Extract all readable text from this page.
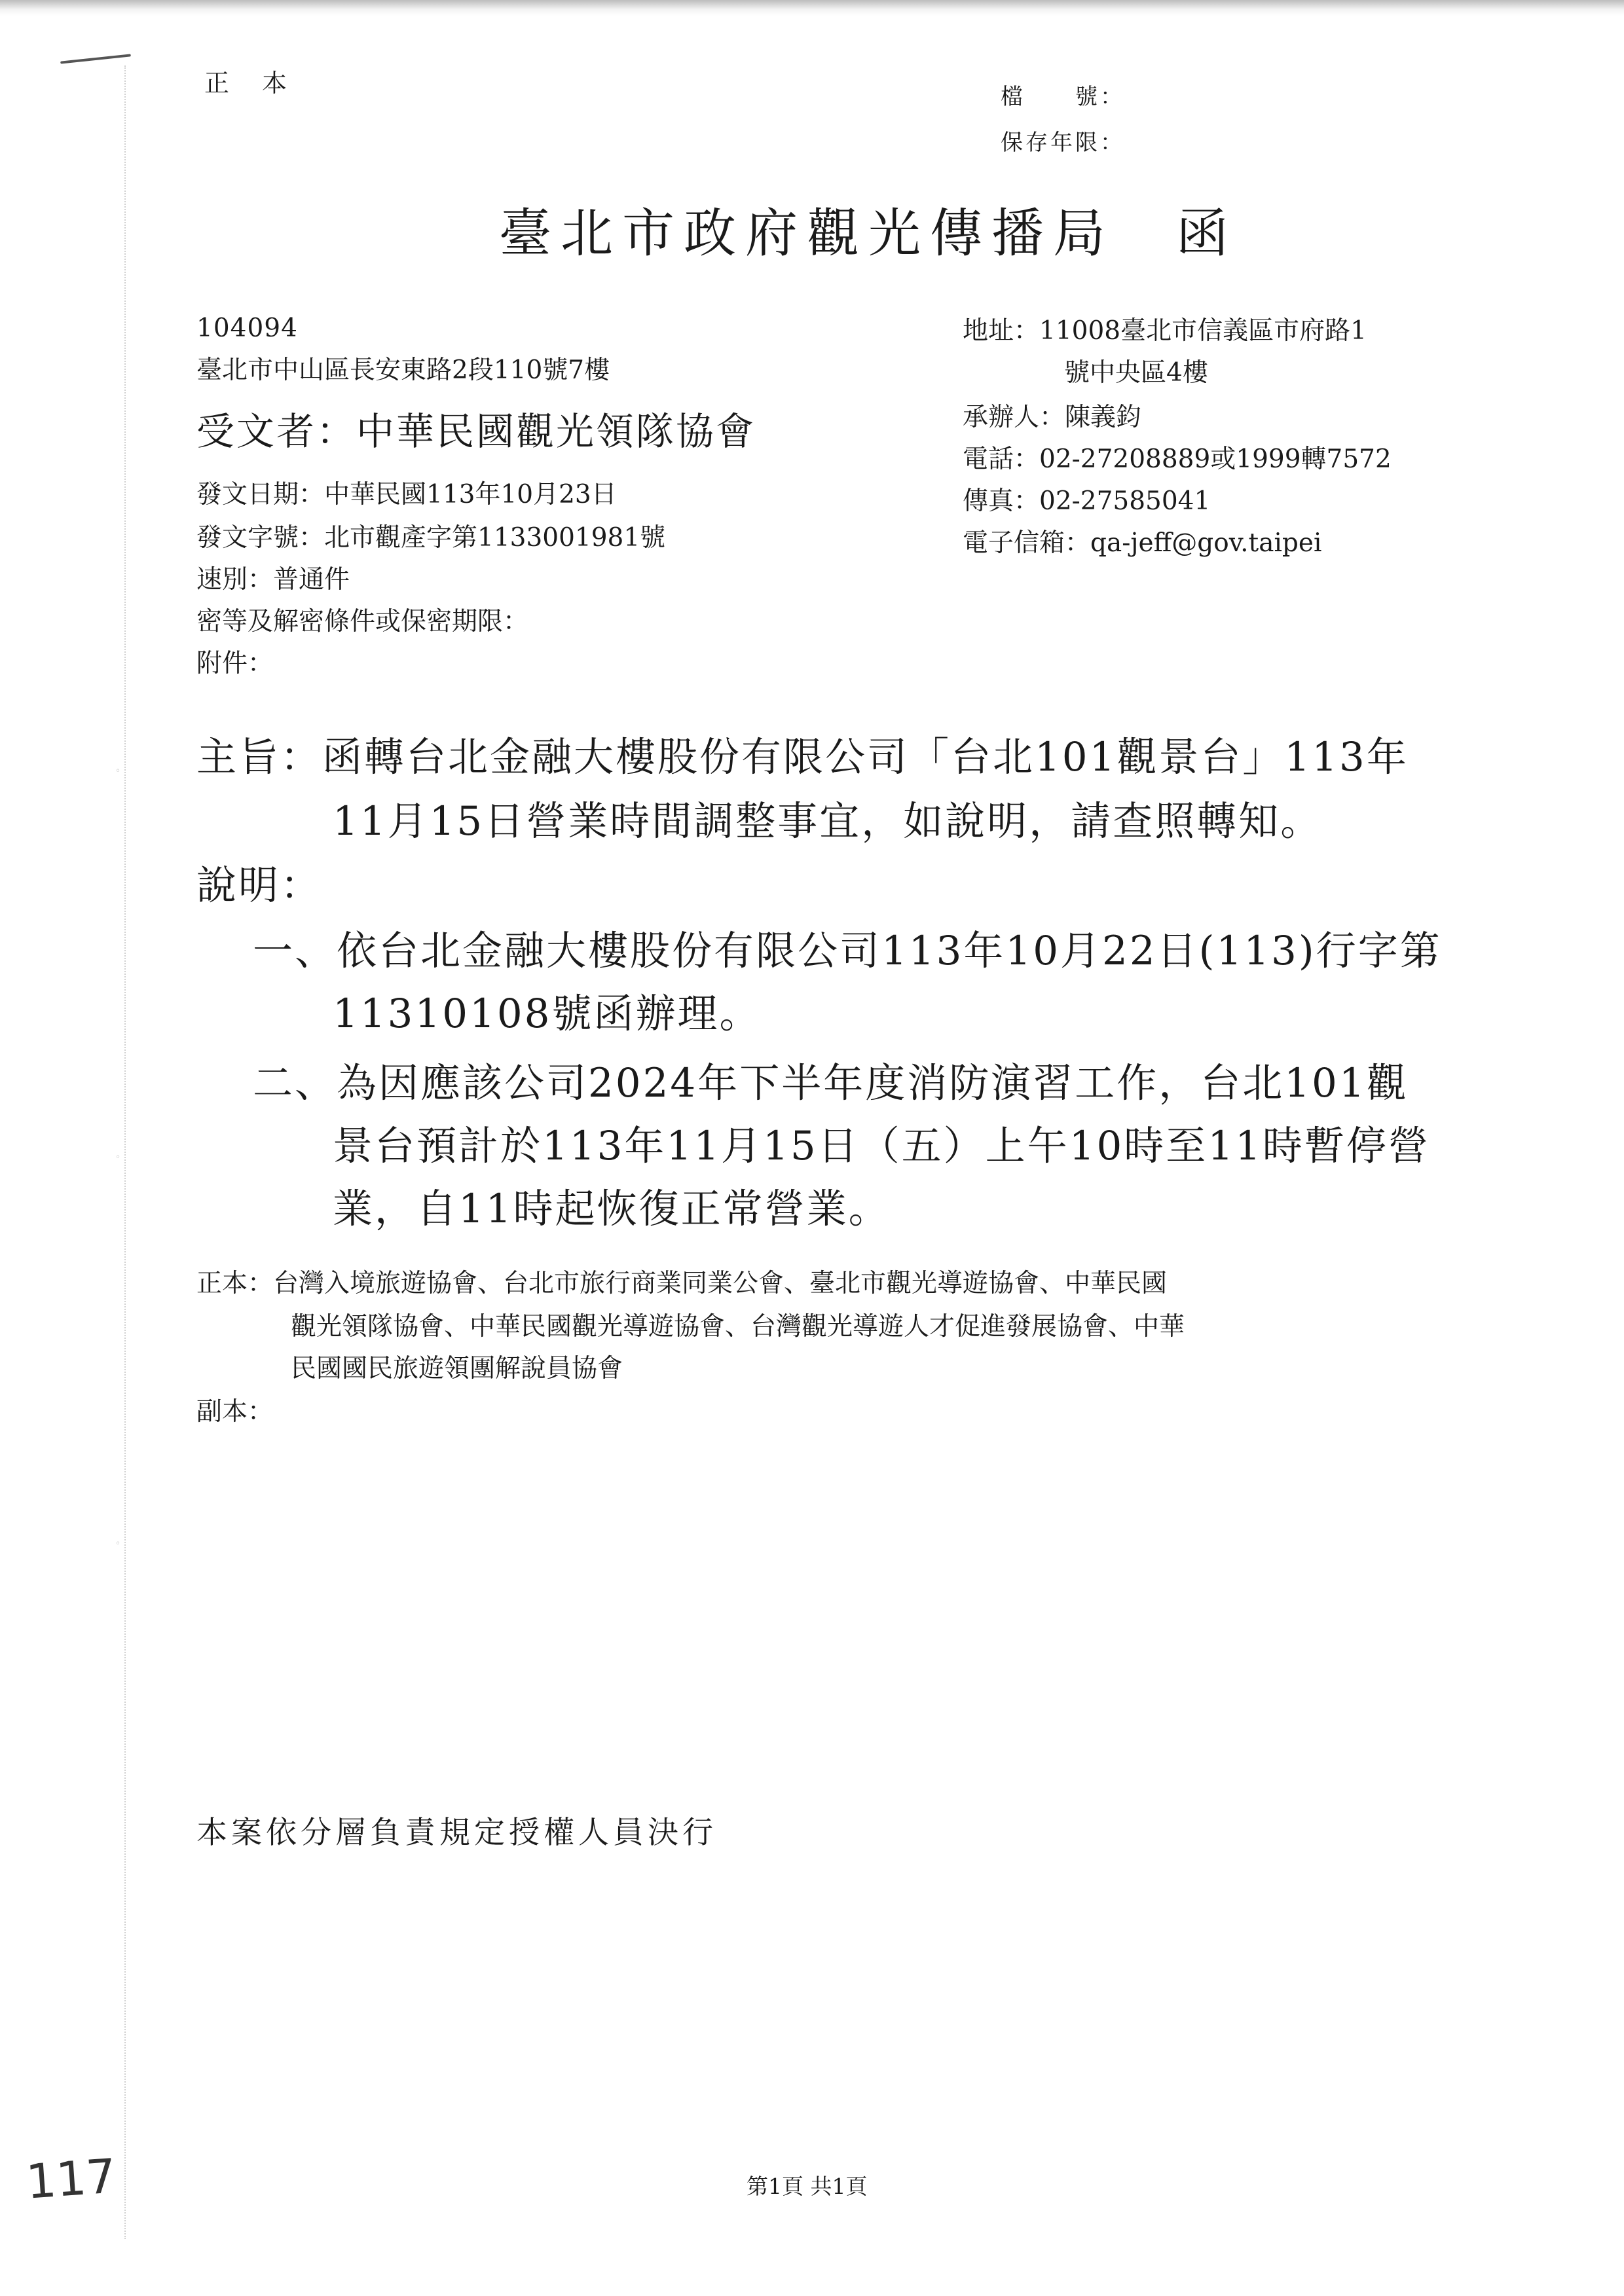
◦
◦
◦
正　本	檔　　號：
保存年限：
臺北市政府觀光傳播局　函
104094
臺北市中山區長安東路2段110號7樓
受文者：中華民國觀光領隊協會
地址：11008臺北市信義區市府路1
號中央區4樓
承辦人：陳義鈞
電話：02-27208889或1999轉7572
傳真：02-27585041
電子信箱：qa-jeff@gov.taipei
發文日期：中華民國113年10月23日
發文字號：北市觀產字第1133001981號
速別：普通件
密等及解密條件或保密期限：
附件：
主旨：函轉台北金融大樓股份有限公司「台北101觀景台」113年
11月15日營業時間調整事宜，如說明，請查照轉知。
說明：
一、依台北金融大樓股份有限公司113年10月22日(113)行字第
11310108號函辦理。
二、為因應該公司2024年下半年度消防演習工作，台北101觀
景台預計於113年11月15日（五）上午10時至11時暫停營
業，自11時起恢復正常營業。
正本：台灣入境旅遊協會、台北市旅行商業同業公會、臺北市觀光導遊協會、中華民國
觀光領隊協會、中華民國觀光導遊協會、台灣觀光導遊人才促進發展協會、中華
民國國民旅遊領團解說員協會
副本：
本案依分層負責規定授權人員決行
第1頁 共1頁
117
